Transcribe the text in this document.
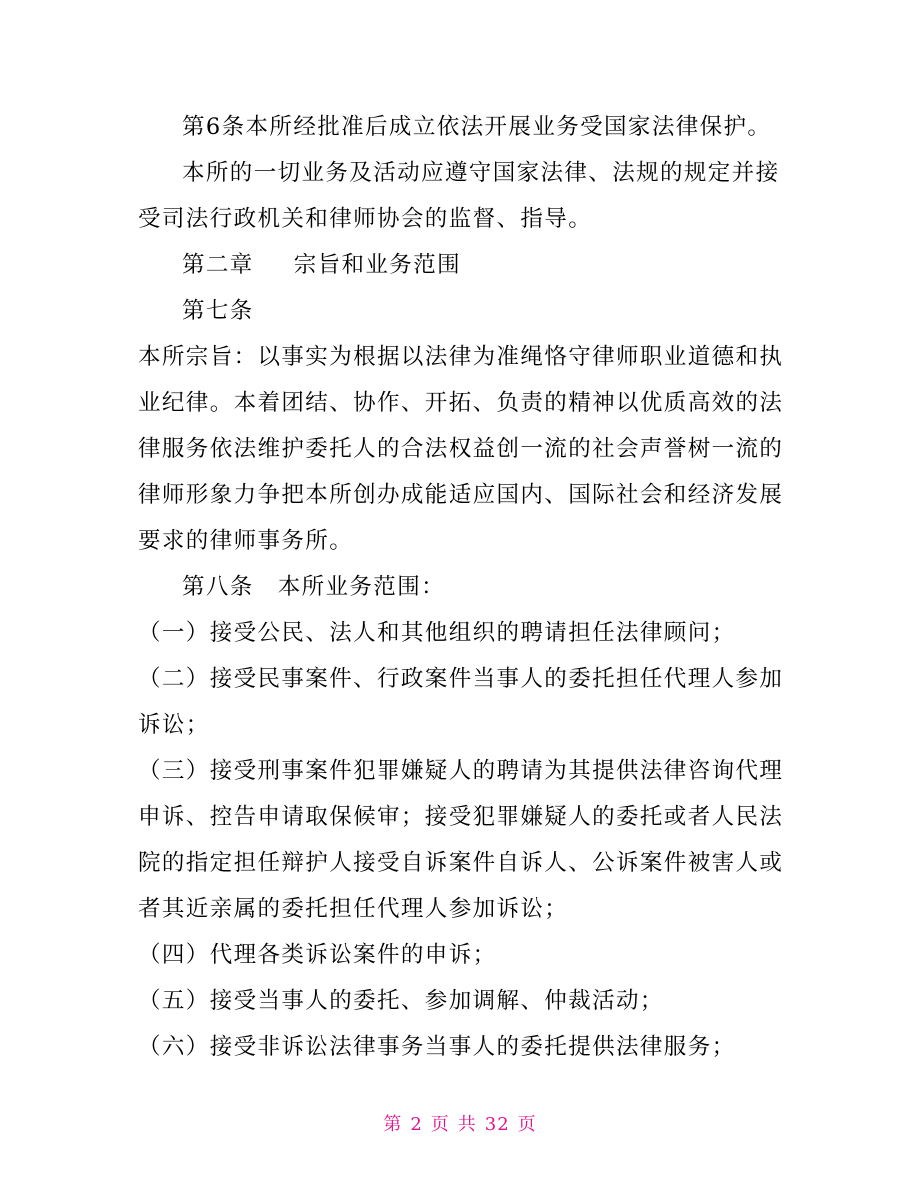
第6条本所经批准后成立依法开展业务受国家法律保护。

本所的一切业务及活动应遵守国家法律、法规的规定并接

受司法行政机关和律师协会的监督、指导。

第二章 宗旨和业务范围

第七条

本所宗旨：以事实为根据以法律为准绳恪守律师职业道德和执

业纪律。本着团结、协作、开拓、负责的精神以优质高效的法

律服务依法维护委托人的合法权益创一流的社会声誉树一流的

律师形象力争把本所创办成能适应国内、国际社会和经济发展

要求的律师事务所。

第八条 本所业务范围：

（一）接受公民、法人和其他组织的聘请担任法律顾问；

（二）接受民事案件、行政案件当事人的委托担任代理人参加

诉讼；

（三）接受刑事案件犯罪嫌疑人的聘请为其提供法律咨询代理

申诉、控告申请取保候审；接受犯罪嫌疑人的委托或者人民法

院的指定担任辩护人接受自诉案件自诉人、公诉案件被害人或

者其近亲属的委托担任代理人参加诉讼；

（四）代理各类诉讼案件的申诉；

（五）接受当事人的委托、参加调解、仲裁活动；

（六）接受非诉讼法律事务当事人的委托提供法律服务；

第 2 页 共 32 页
